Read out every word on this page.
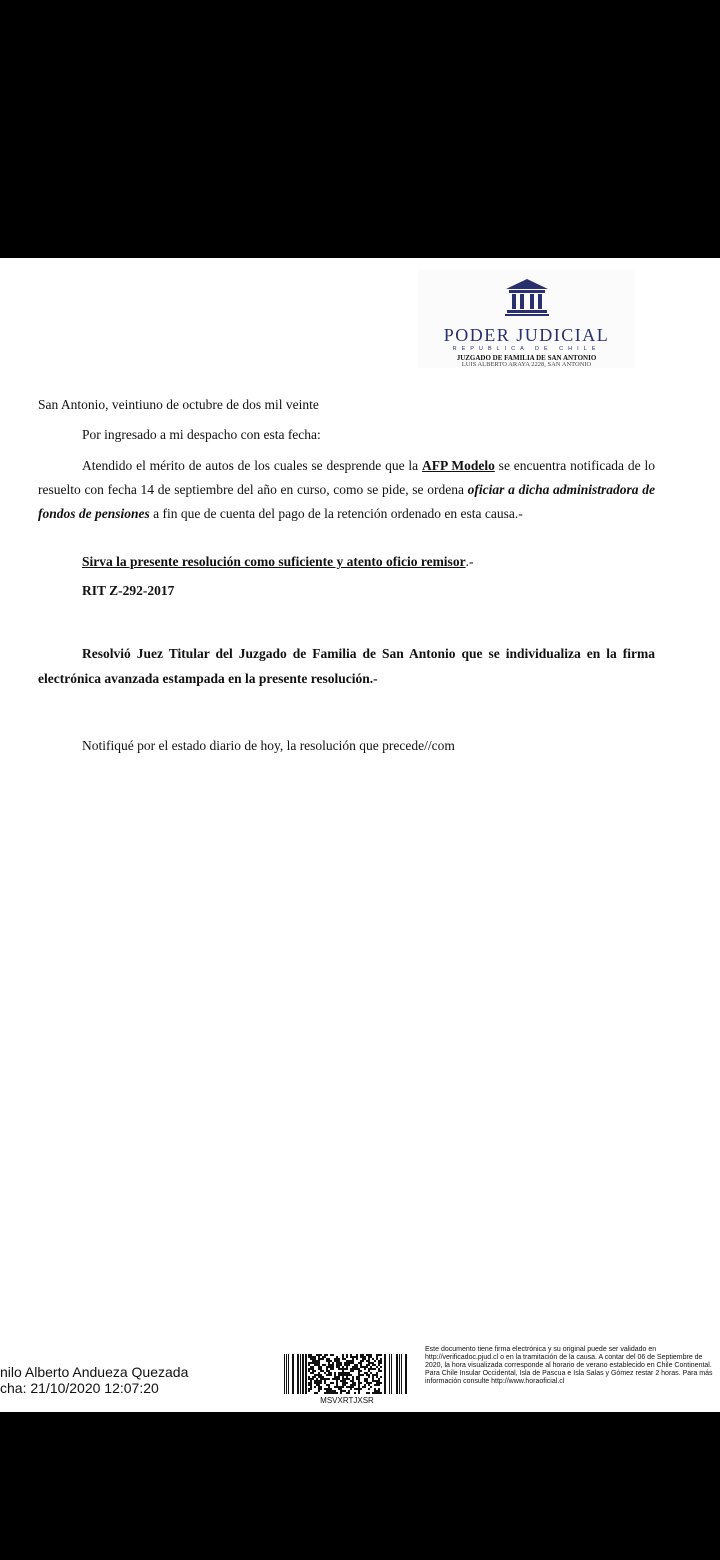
PODER JUDICIAL
REPUBLICA DE CHILE
JUZGADO DE FAMILIA DE SAN ANTONIO
LUIS ALBERTO ARAYA 2228, SAN ANTONIO
San Antonio, veintiuno de octubre de dos mil veinte
Por ingresado a mi despacho con esta fecha:
Atendido el mérito de autos de los cuales se desprende que la AFP Modelo se encuentra notificada de lo resuelto con fecha 14 de septiembre del año en curso, como se pide, se ordena oficiar a dicha administradora de fondos de pensiones a fin que de cuenta del pago de la retención ordenado en esta causa.-
Sirva la presente resolución como suficiente y atento oficio remisor.-
RIT Z-292-2017
Resolvió Juez Titular del Juzgado de Familia de San Antonio que se individualiza en la firma electrónica avanzada estampada en la presente resolución.-
Notifiqué por el estado diario de hoy, la resolución que precede//com
nilo Alberto Andueza Quezada
cha: 21/10/2020 12:07:20
MSVXRTJXSR
Este documento tiene firma electrónica y su original puede ser validado en http://verificadoc.pjud.cl o en la tramitación de la causa. A contar del 06 de Septiembre de 2020, la hora visualizada corresponde al horario de verano establecido en Chile Continental. Para Chile Insular Occidental, Isla de Pascua e Isla Salas y Gómez restar 2 horas. Para más información consulte http://www.horaoficial.cl
